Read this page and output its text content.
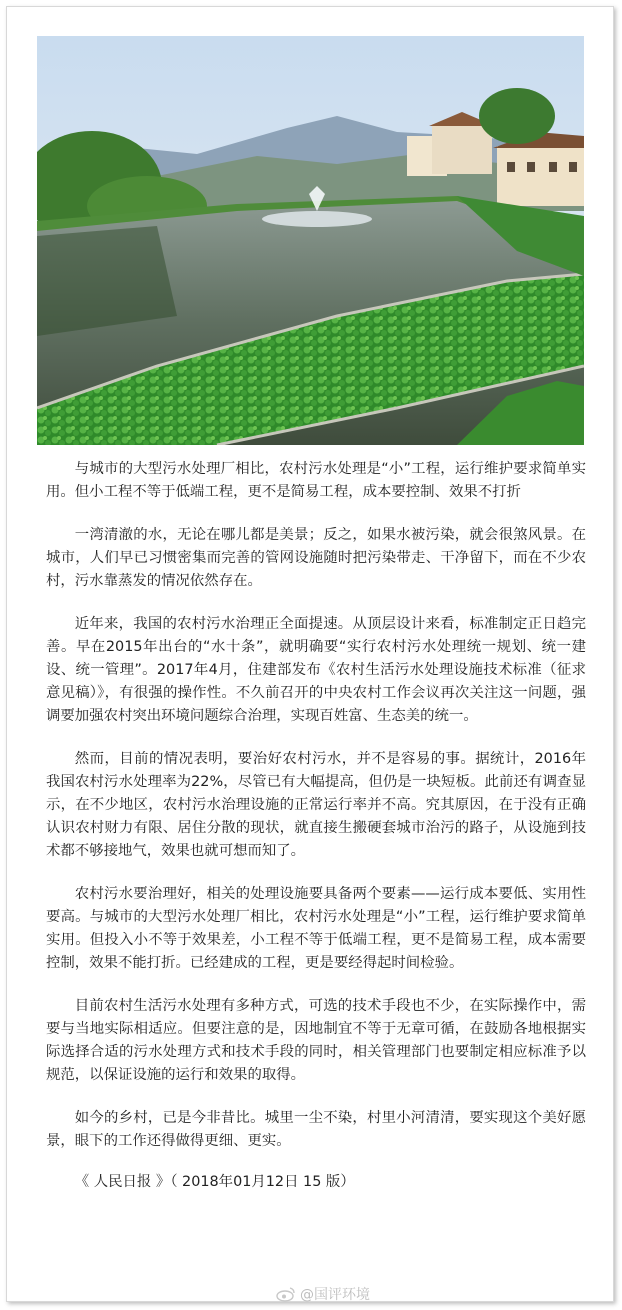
与城市的大型污水处理厂相比，农村污水处理是“小”工程，运行维护要求简单实用。但小工程不等于低端工程，更不是简易工程，成本要控制、效果不打折

一湾清澈的水，无论在哪儿都是美景；反之，如果水被污染，就会很煞风景。在城市，人们早已习惯密集而完善的管网设施随时把污染带走、干净留下，而在不少农村，污水靠蒸发的情况依然存在。

近年来，我国的农村污水治理正全面提速。从顶层设计来看，标准制定正日趋完善。早在2015年出台的“水十条”，就明确要“实行农村污水处理统一规划、统一建设、统一管理”。2017年4月，住建部发布《农村生活污水处理设施技术标准（征求意见稿）》，有很强的操作性。不久前召开的中央农村工作会议再次关注这一问题，强调要加强农村突出环境问题综合治理，实现百姓富、生态美的统一。

然而，目前的情况表明，要治好农村污水，并不是容易的事。据统计，2016年我国农村污水处理率为22%，尽管已有大幅提高，但仍是一块短板。此前还有调查显示，在不少地区，农村污水治理设施的正常运行率并不高。究其原因，在于没有正确认识农村财力有限、居住分散的现状，就直接生搬硬套城市治污的路子，从设施到技术都不够接地气，效果也就可想而知了。

农村污水要治理好，相关的处理设施要具备两个要素——运行成本要低、实用性要高。与城市的大型污水处理厂相比，农村污水处理是“小”工程，运行维护要求简单实用。但投入小不等于效果差，小工程不等于低端工程，更不是简易工程，成本需要控制，效果不能打折。已经建成的工程，更是要经得起时间检验。

目前农村生活污水处理有多种方式，可选的技术手段也不少，在实际操作中，需要与当地实际相适应。但要注意的是，因地制宜不等于无章可循，在鼓励各地根据实际选择合适的污水处理方式和技术手段的同时，相关管理部门也要制定相应标准予以规范，以保证设施的运行和效果的取得。

如今的乡村，已是今非昔比。城里一尘不染，村里小河清清，要实现这个美好愿景，眼下的工作还得做得更细、更实。

《 人民日报 》（ 2018年01月12日 15 版）

@国评环境
